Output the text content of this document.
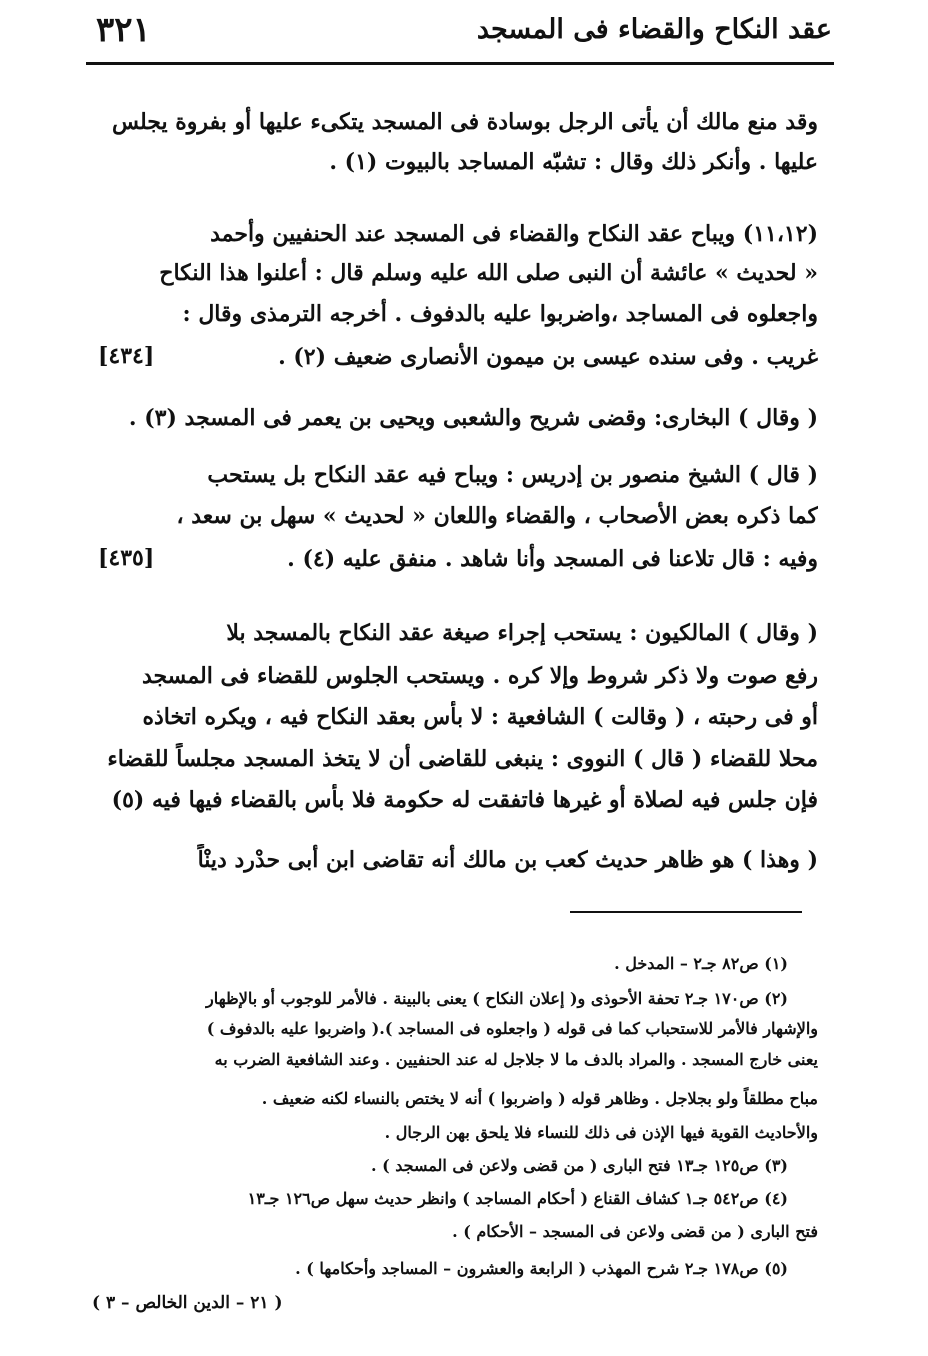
عقد النكاح والقضاء فى المسجد
٣٢١
وقد منع مالك أن يأتى الرجل بوسادة فى المسجد يتكىء عليها أو بفروة يجلس
عليها . وأنكر ذلك وقال : تشبّه المساجد بالبيوت (١) .
(١١،١٢) ويباح عقد النكاح والقضاء فى المسجد عند الحنفيين وأحمد
« لحديث » عائشة أن النبى صلى الله عليه وسلم قال : أعلنوا هذا النكاح
واجعلوه فى المساجد ،واضربوا عليه بالدفوف . أخرجه الترمذى وقال :
غريب . وفى سنده عيسى بن ميمون الأنصارى ضعيف (٢) .
[٤٣٤]
( وقال ) البخارى: وقضى شريح والشعبى ويحيى بن يعمر فى المسجد (٣) .
( قال ) الشيخ منصور بن إدريس : ويباح فيه عقد النكاح بل يستحب
كما ذكره بعض الأصحاب ، والقضاء واللعان « لحديث » سهل بن سعد ،
وفيه : قال تلاعنا فى المسجد وأنا شاهد . منفق عليه (٤) .
[٤٣٥]
( وقال ) المالكيون : يستحب إجراء صيغة عقد النكاح بالمسجد بلا
رفع صوت ولا ذكر شروط وإلا كره . ويستحب الجلوس للقضاء فى المسجد
أو فى رحبته ، ( وقالت ) الشافعية : لا بأس بعقد النكاح فيه ، ويكره اتخاذه
محلا للقضاء ( قال ) النووى : ينبغى للقاضى أن لا يتخذ المسجد مجلساً للقضاء
فإن جلس فيه لصلاة أو غيرها فاتفقت له حكومة فلا بأس بالقضاء فيها فيه (٥)
( وهذا ) هو ظاهر حديث كعب بن مالك أنه تقاضى ابن أبى حدْرد دينْاً
(١) ص٨٢ جـ٢ – المدخل .
(٢) ص١٧٠ جـ٢ تحفة الأحوذى و( إعلان النكاح ) يعنى بالبينة . فالأمر للوجوب أو بالإظهار
والإشهار فالأمر للاستحباب كما فى قوله ( واجعلوه فى المساجد ).( واضربوا عليه بالدفوف )
يعنى خارج المسجد . والمراد بالدف ما لا جلاجل له عند الحنفيين . وعند الشافعية الضرب به
مباح مطلقاً ولو بجلاجل . وظاهر قوله ( واضربوا ) أنه لا يختص بالنساء لكنه ضعيف .
والأحاديث القوية فيها الإذن فى ذلك للنساء فلا يلحق بهن الرجال .
(٣) ص١٢٥ جـ١٣ فتح البارى ( من قضى ولاعن فى المسجد ) .
(٤) ص٥٤٢ جـ١ كشاف القناع ( أحكام المساجد ) وانظر حديث سهل ص١٢٦ جـ١٣
فتح البارى ( من قضى ولاعن فى المسجد – الأحكام ) .
(٥) ص١٧٨ جـ٢ شرح المهذب ( الرابعة والعشرون – المساجد وأحكامها ) .
( ٢١ – الدين الخالص – ٣ )
